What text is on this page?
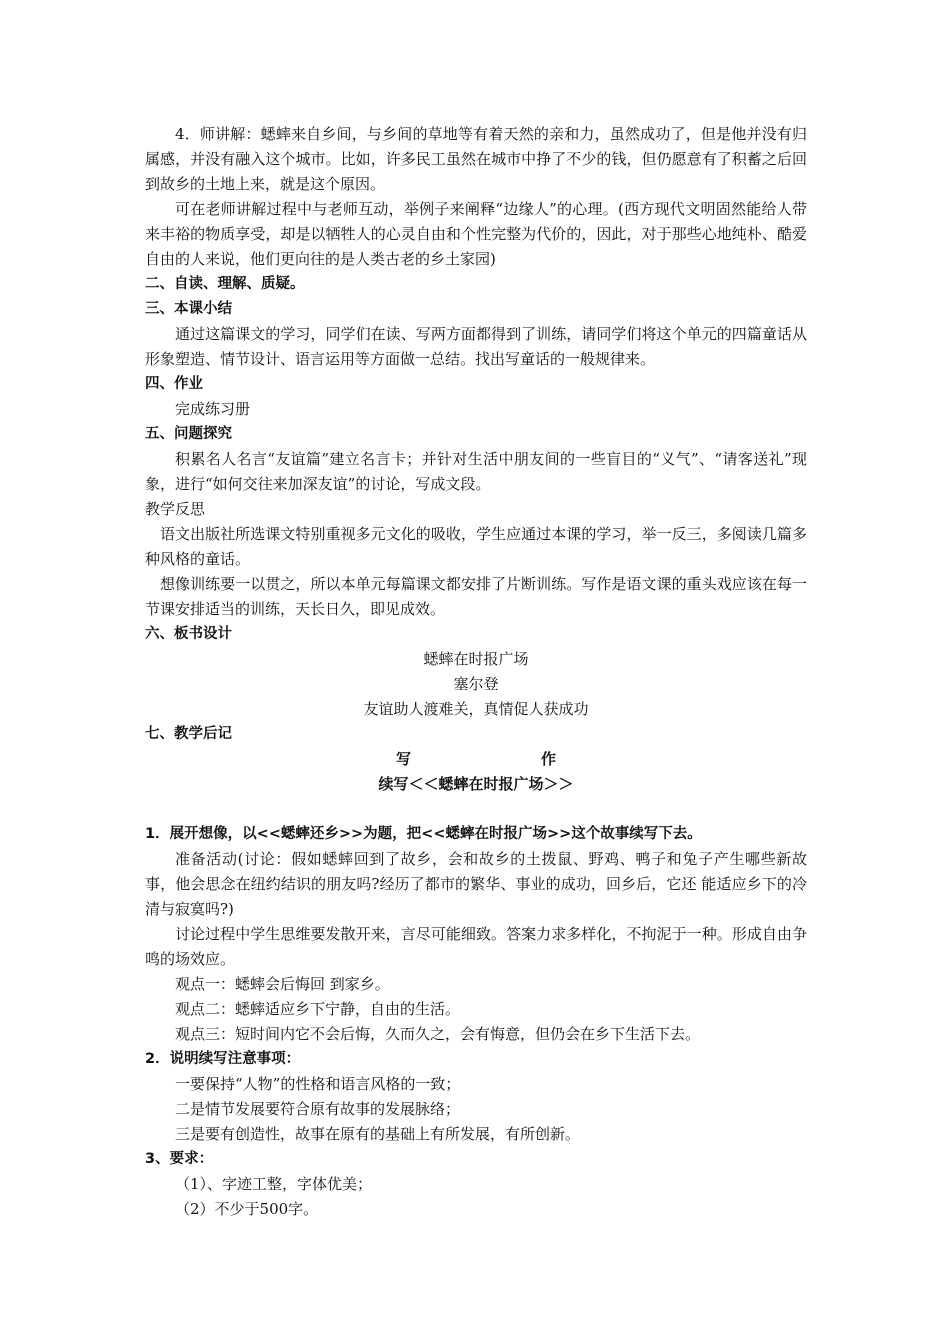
4．师讲解：蟋蟀来自乡间，与乡间的草地等有着天然的亲和力，虽然成功了，但是他并没有归属感，并没有融入这个城市。比如，许多民工虽然在城市中挣了不少的钱，但仍愿意有了积蓄之后回到故乡的土地上来，就是这个原因。

可在老师讲解过程中与老师互动，举例子来阐释“边缘人”的心理。(西方现代文明固然能给人带来丰裕的物质享受，却是以牺牲人的心灵自由和个性完整为代价的，因此，对于那些心地纯朴、酷爱自由的人来说，他们更向往的是人类古老的乡土家园)

二、自读、理解、质疑。

三、本课小结

通过这篇课文的学习，同学们在读、写两方面都得到了训练，请同学们将这个单元的四篇童话从形象塑造、情节设计、语言运用等方面做一总结。找出写童话的一般规律来。

四、作业

完成练习册

五、问题探究

积累名人名言“友谊篇”建立名言卡；并针对生活中朋友间的一些盲目的“义气”、“请客送礼”现象，进行“如何交往来加深友谊”的讨论，写成文段。

教学反思

语文出版社所选课文特别重视多元文化的吸收，学生应通过本课的学习，举一反三，多阅读几篇多种风格的童话。

想像训练要一以贯之，所以本单元每篇课文都安排了片断训练。写作是语文课的重头戏应该在每一节课安排适当的训练，天长日久，即见成效。

六、板书设计

蟋蟀在时报广场

塞尔登

友谊助人渡难关，真情促人获成功

七、教学后记

写	作

续写＜＜蟋蟀在时报广场＞＞

1．展开想像，以<<蟋蟀还乡>>为题，把<<蟋蟀在时报广场>>这个故事续写下去。

准备活动(讨论：假如蟋蟀回到了故乡，会和故乡的土拨鼠、野鸡、鸭子和兔子产生哪些新故事，他会思念在纽约结识的朋友吗?经历了都市的繁华、事业的成功，回乡后，它还 能适应乡下的冷清与寂寞吗?)

讨论过程中学生思维要发散开来，言尽可能细致。答案力求多样化，不拘泥于一种。形成自由争鸣的场效应。

观点一：蟋蟀会后悔回 到家乡。

观点二：蟋蟀适应乡下宁静，自由的生活。

观点三：短时间内它不会后悔，久而久之，会有悔意，但仍会在乡下生活下去。

2．说明续写注意事项：

一要保持“人物”的性格和语言风格的一致；

二是情节发展要符合原有故事的发展脉络；

三是要有创造性，故事在原有的基础上有所发展，有所创新。

3、要求：

（1）、字迹工整，字体优美；

（2）不少于500字。
